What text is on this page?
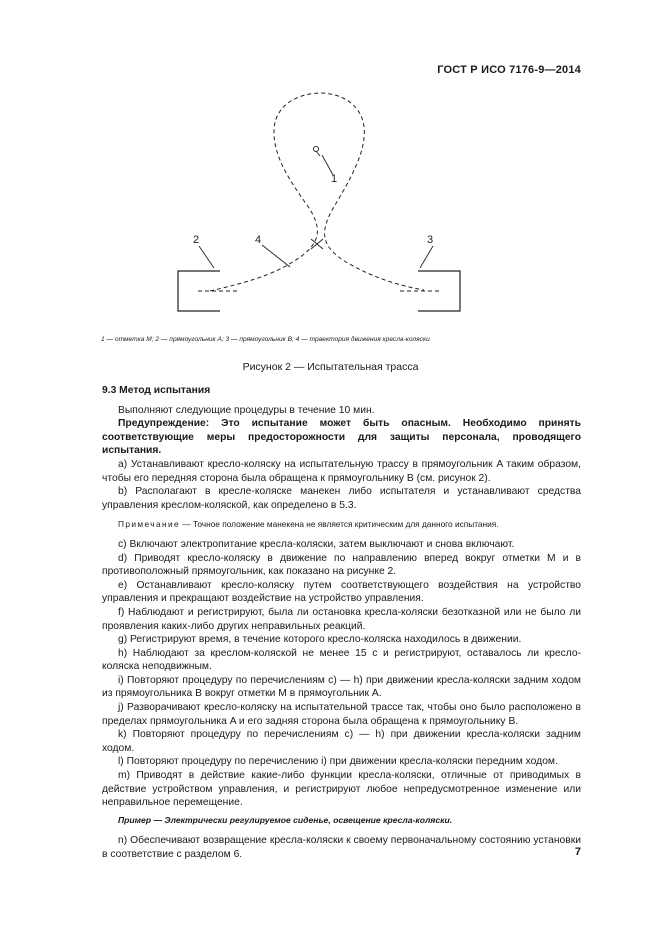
ГОСТ Р ИСО 7176-9—2014
1
2	3
4
1 — отметка M; 2 — прямоугольник A; 3 — прямоугольник B; 4 — траектория движения кресла-коляски
Рисунок 2 — Испытательная трасса

9.3 Метод испытания

Выполняют следующие процедуры в течение 10 мин.

Предупреждение: Это испытание может быть опасным. Необходимо принять соответствующие меры предосторожности для защиты персонала, проводящего испытания.

a) Устанавливают кресло-коляску на испытательную трассу в прямоугольник A таким образом, чтобы его передняя сторона была обращена к прямоугольнику B (см. рисунок 2).

b) Располагают в кресле-коляске манекен либо испытателя и устанавливают средства управления креслом-коляской, как определено в 5.3.

Примечание — Точное положение манекена не является критическим для данного испытания.

c) Включают электропитание кресла-коляски, затем выключают и снова включают.

d) Приводят кресло-коляску в движение по направлению вперед вокруг отметки M и в противоположный прямоугольник, как показано на рисунке 2.

e) Останавливают кресло-коляску путем соответствующего воздействия на устройство управления и прекращают воздействие на устройство управления.

f) Наблюдают и регистрируют, была ли остановка кресла-коляски безотказной или не было ли проявления каких-либо других неправильных реакций.

g) Регистрируют время, в течение которого кресло-коляска находилось в движении.

h) Наблюдают за креслом-коляской не менее 15 с и регистрируют, оставалось ли кресло-коляска неподвижным.

i) Повторяют процедуру по перечислениям c) — h) при движении кресла-коляски задним ходом из прямоугольника B вокруг отметки M в прямоугольник A.

j) Разворачивают кресло-коляску на испытательной трассе так, чтобы оно было расположено в пределах прямоугольника A и его задняя сторона была обращена к прямоугольнику B.

k) Повторяют процедуру по перечислениям c) — h) при движении кресла-коляски задним ходом.

l) Повторяют процедуру по перечислению i) при движении кресла-коляски передним ходом.

m) Приводят в действие какие-либо функции кресла-коляски, отличные от приводимых в действие устройством управления, и регистрируют любое непредусмотренное изменение или неправильное перемещение.

Пример — Электрически регулируемое сиденье, освещение кресла-коляски.

n) Обеспечивают возвращение кресла-коляски к своему первоначальному состоянию установки в соответствие с разделом 6.	7
